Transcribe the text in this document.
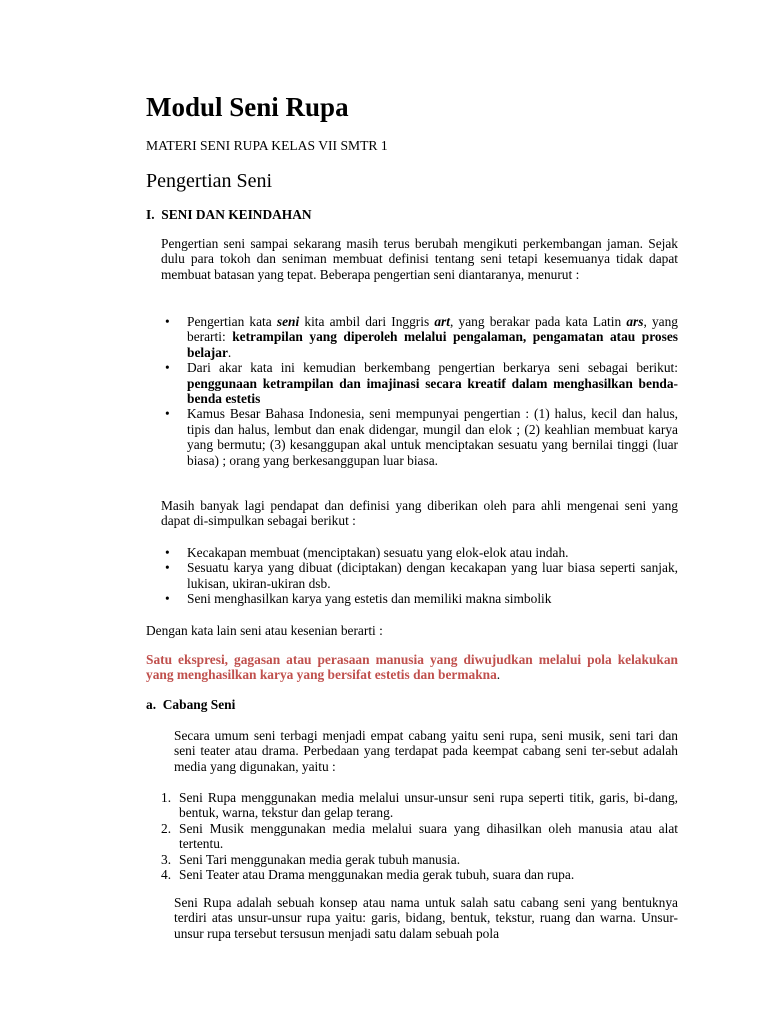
Modul Seni Rupa
MATERI SENI RUPA KELAS VII SMTR 1
Pengertian Seni
I. SENI DAN KEINDAHAN

Pengertian seni sampai sekarang masih terus berubah mengikuti perkembangan jaman. Sejak dulu para tokoh dan seniman membuat definisi tentang seni tetapi kesemuanya tidak dapat membuat batasan yang tepat. Beberapa pengertian seni diantaranya, menurut :

• Pengertian kata seni kita ambil dari Inggris art, yang berakar pada kata Latin ars, yang berarti: ketrampilan yang diperoleh melalui pengalaman, pengamatan atau proses belajar.
• Dari akar kata ini kemudian berkembang pengertian berkarya seni sebagai berikut: penggunaan ketrampilan dan imajinasi secara kreatif dalam menghasilkan benda-benda estetis
• Kamus Besar Bahasa Indonesia, seni mempunyai pengertian : (1) halus, kecil dan halus, tipis dan halus, lembut dan enak didengar, mungil dan elok ; (2) keahlian membuat karya yang bermutu; (3) kesanggupan akal untuk menciptakan sesuatu yang bernilai tinggi (luar biasa) ; orang yang berkesanggupan luar biasa.

Masih banyak lagi pendapat dan definisi yang diberikan oleh para ahli mengenai seni yang dapat di-simpulkan sebagai berikut :

• Kecakapan membuat (menciptakan) sesuatu yang elok-elok atau indah.
• Sesuatu karya yang dibuat (diciptakan) dengan kecakapan yang luar biasa seperti sanjak, lukisan, ukiran-ukiran dsb.
• Seni menghasilkan karya yang estetis dan memiliki makna simbolik

Dengan kata lain seni atau kesenian berarti :

Satu ekspresi, gagasan atau perasaan manusia yang diwujudkan melalui pola kelakukan yang menghasilkan karya yang bersifat estetis dan bermakna.

a. Cabang Seni

Secara umum seni terbagi menjadi empat cabang yaitu seni rupa, seni musik, seni tari dan seni teater atau drama. Perbedaan yang terdapat pada keempat cabang seni ter-sebut adalah media yang digunakan, yaitu :

1. Seni Rupa menggunakan media melalui unsur-unsur seni rupa seperti titik, garis, bi-dang, bentuk, warna, tekstur dan gelap terang.
2. Seni Musik menggunakan media melalui suara yang dihasilkan oleh manusia atau alat tertentu.
3. Seni Tari menggunakan media gerak tubuh manusia.
4. Seni Teater atau Drama menggunakan media gerak tubuh, suara dan rupa.

Seni Rupa adalah sebuah konsep atau nama untuk salah satu cabang seni yang bentuknya terdiri atas unsur-unsur rupa yaitu: garis, bidang, bentuk, tekstur, ruang dan warna. Unsur-unsur rupa tersebut tersusun menjadi satu dalam sebuah pola
